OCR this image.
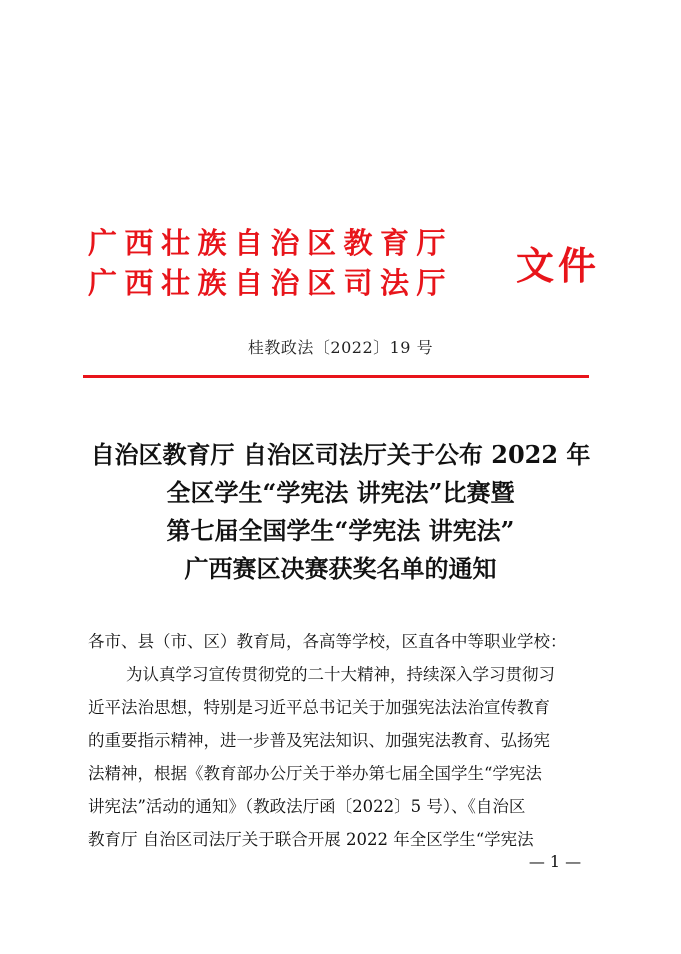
广西壮族自治区教育厅
广西壮族自治区司法厅 文件
桂教政法〔2022〕19 号
自治区教育厅 自治区司法厅关于公布 2022 年
全区学生“学宪法 讲宪法”比赛暨
第七届全国学生“学宪法 讲宪法”
广西赛区决赛获奖名单的通知
各市、县（市、区）教育局，各高等学校，区直各中等职业学校：
为认真学习宣传贯彻党的二十大精神，持续深入学习贯彻习
近平法治思想，特别是习近平总书记关于加强宪法法治宣传教育
的重要指示精神，进一步普及宪法知识、加强宪法教育、弘扬宪
法精神，根据《教育部办公厅关于举办第七届全国学生“学宪法
讲宪法”活动的通知》（教政法厅函〔2022〕5 号）、《自治区
教育厅 自治区司法厅关于联合开展 2022 年全区学生“学宪法
— 1 —
